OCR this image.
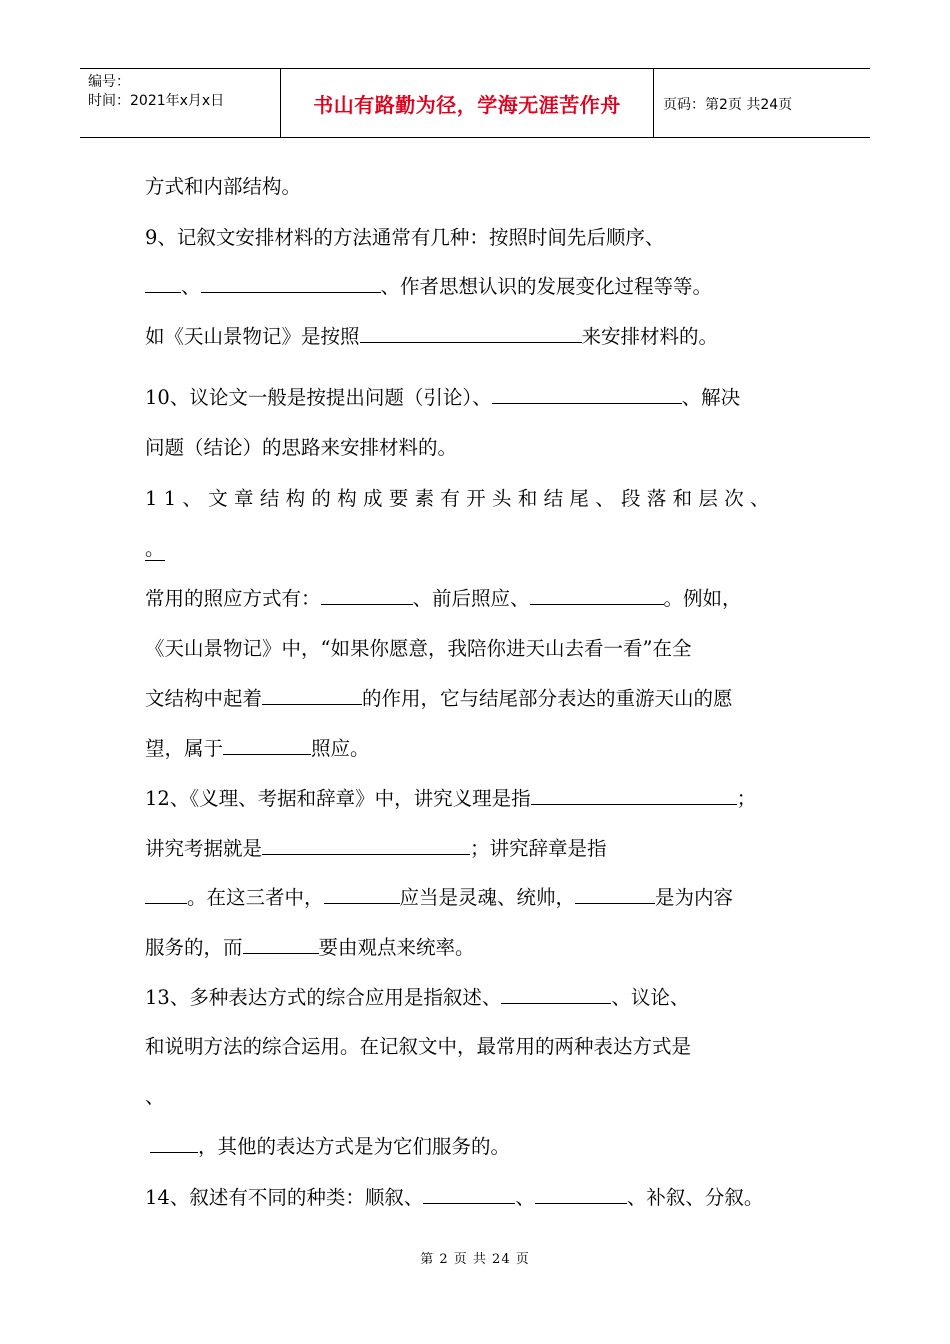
编号：
时间：2021年x月x日	书山有路勤为径，学海无涯苦作舟	页码：第2页 共24页
方式和内部结构。
9、记叙文安排材料的方法通常有几种：按照时间先后顺序、
、	、作者思想认识的发展变化过程等等。
如《天山景物记》是按照	来安排材料的。
10、议论文一般是按提出问题（引论）、	、解决
问题（结论）的思路来安排材料的。
11、文章结构的构成要素有开头和结尾、段落和层次、
。
常用的照应方式有：	、前后照应、	。例如，
《天山景物记》中，“如果你愿意，我陪你进天山去看一看”在全
文结构中起着	的作用，它与结尾部分表达的重游天山的愿
望，属于	照应。
12、《义理、考据和辞章》中，讲究义理是指	；
讲究考据就是	；讲究辞章是指
。在这三者中，	应当是灵魂、统帅，	是为内容
服务的，而	要由观点来统率。
13、多种表达方式的综合应用是指叙述、	、议论、
和说明方法的综合运用。在记叙文中，最常用的两种表达方式是
、
，其他的表达方式是为它们服务的。
14、叙述有不同的种类：顺叙、	、	、补叙、分叙。
第 2 页 共 24 页
